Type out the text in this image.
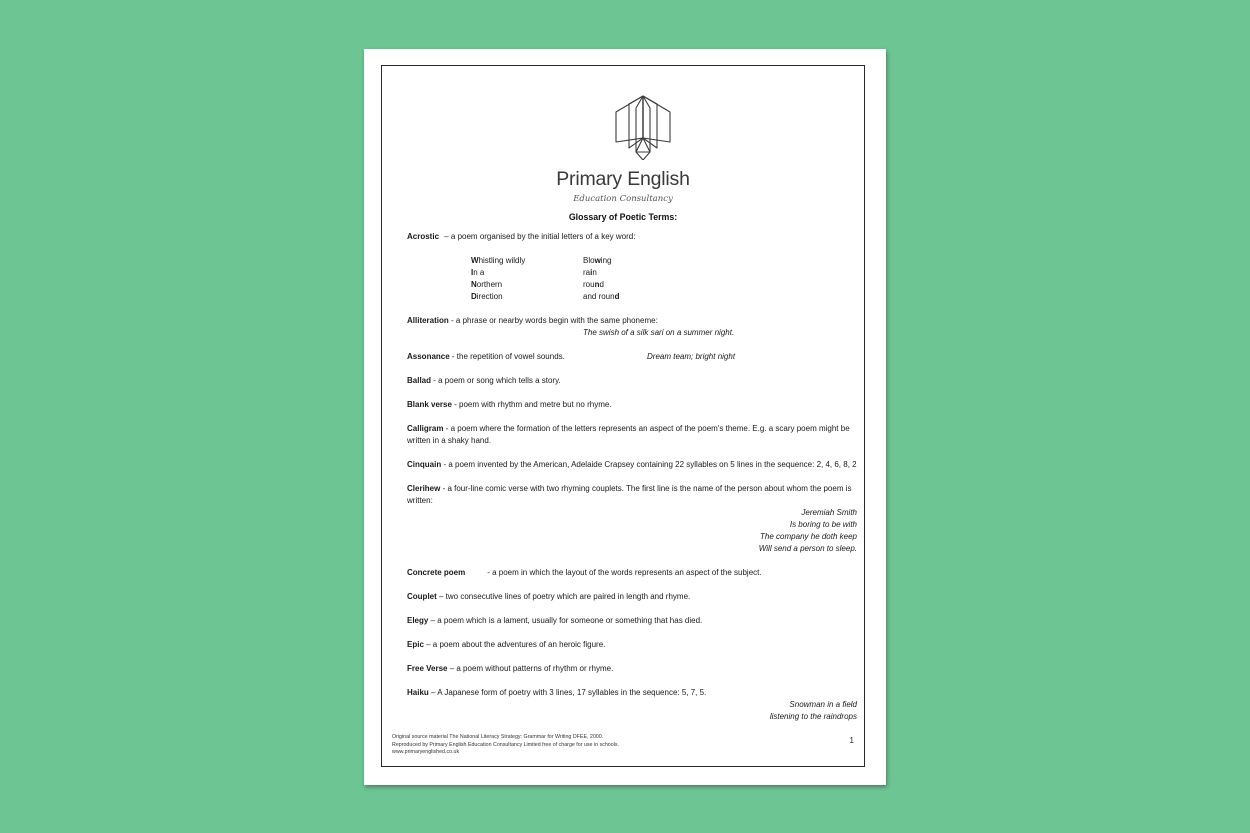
Primary English
Education Consultancy
Glossary of Poetic Terms:
Acrostic – a poem organised by the initial letters of a key word:
Whistling wildly
In a
Northern
Direction
Blowing
rain
round
and round
Alliteration - a phrase or nearby words begin with the same phoneme:
The swish of a silk sari on a summer night.
Assonance - the repetition of vowel sounds.	Dream team; bright night
Ballad - a poem or song which tells a story.
Blank verse - poem with rhythm and metre but no rhyme.
Calligram - a poem where the formation of the letters represents an aspect of the poem's theme. E.g. a scary poem might be written in a shaky hand.
Cinquain - a poem invented by the American, Adelaide Crapsey containing 22 syllables on 5 lines in the sequence: 2, 4, 6, 8, 2
Clerihew - a four-line comic verse with two rhyming couplets. The first line is the name of the person about whom the poem is written:
Jeremiah Smith
Is boring to be with
The company he doth keep
Will send a person to sleep.
Concrete poem - a poem in which the layout of the words represents an aspect of the subject.
Couplet – two consecutive lines of poetry which are paired in length and rhyme.
Elegy – a poem which is a lament, usually for someone or something that has died.
Epic – a poem about the adventures of an heroic figure.
Free Verse – a poem without patterns of rhythm or rhyme.
Haiku – A Japanese form of poetry with 3 lines, 17 syllables in the sequence: 5, 7, 5.
Snowman in a field
listening to the raindrops
Original source material The National Literacy Strategy: Grammar for Writing DFEE, 2000.
Reproduced by Primary English Education Consultancy Limited free of charge for use in schools.
www.primaryenglished.co.uk
1
